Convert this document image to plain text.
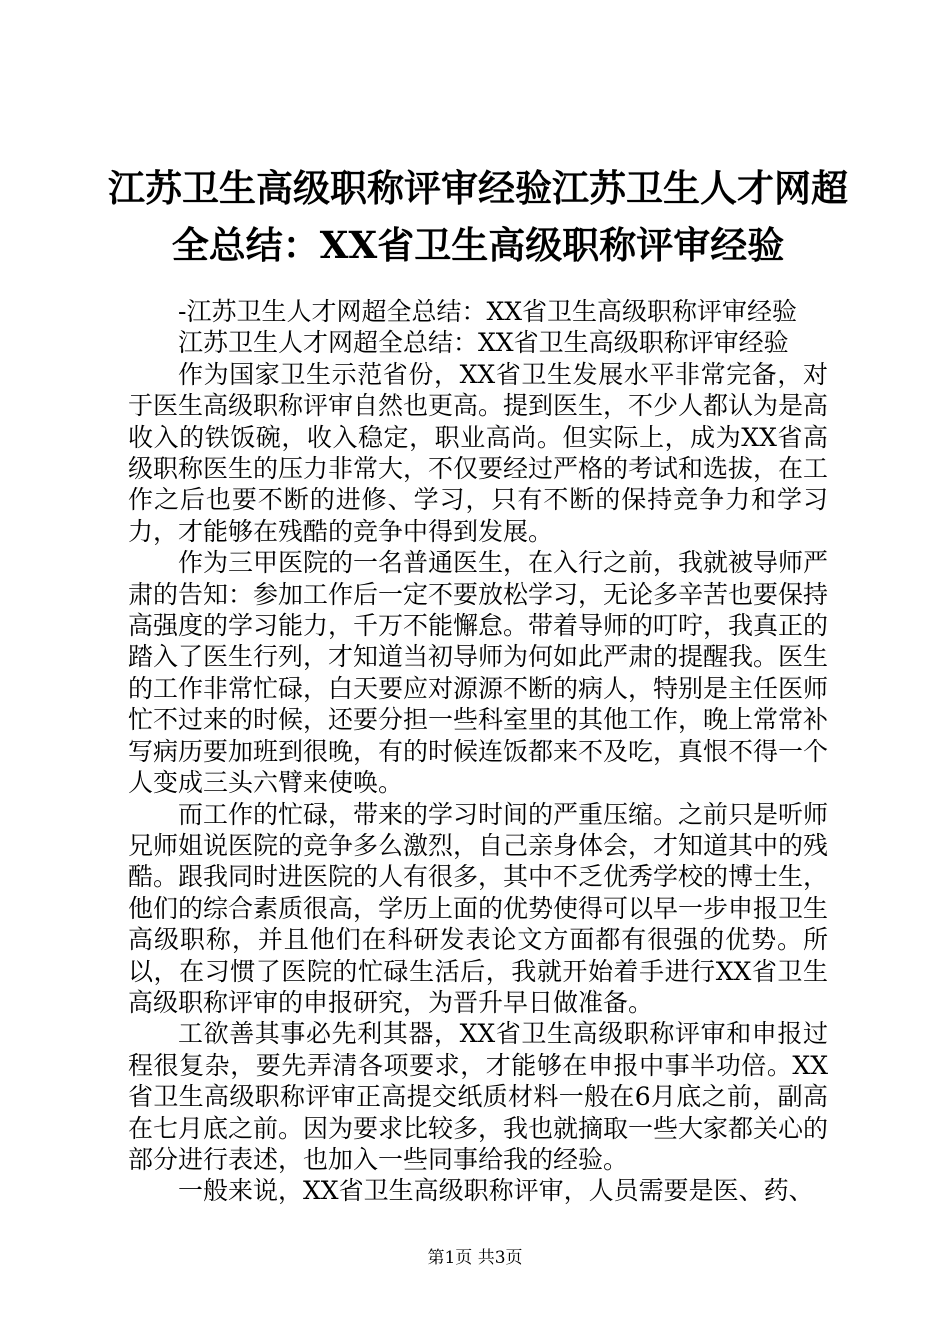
江苏卫生高级职称评审经验江苏卫生人才网超
全总结：XX省卫生高级职称评审经验

-江苏卫生人才网超全总结：XX省卫生高级职称评审经验

江苏卫生人才网超全总结：XX省卫生高级职称评审经验

作为国家卫生示范省份，XX省卫生发展水平非常完备，对于医生高级职称评审自然也更高。提到医生，不少人都认为是高收入的铁饭碗，收入稳定，职业高尚。但实际上，成为XX省高级职称医生的压力非常大，不仅要经过严格的考试和选拔，在工作之后也要不断的进修、学习，只有不断的保持竞争力和学习力，才能够在残酷的竞争中得到发展。

作为三甲医院的一名普通医生，在入行之前，我就被导师严肃的告知：参加工作后一定不要放松学习，无论多辛苦也要保持高强度的学习能力，千万不能懈怠。带着导师的叮咛，我真正的踏入了医生行列，才知道当初导师为何如此严肃的提醒我。医生的工作非常忙碌，白天要应对源源不断的病人，特别是主任医师忙不过来的时候，还要分担一些科室里的其他工作，晚上常常补写病历要加班到很晚，有的时候连饭都来不及吃，真恨不得一个人变成三头六臂来使唤。

而工作的忙碌，带来的学习时间的严重压缩。之前只是听师兄师姐说医院的竞争多么激烈，自己亲身体会，才知道其中的残酷。跟我同时进医院的人有很多，其中不乏优秀学校的博士生，他们的综合素质很高，学历上面的优势使得可以早一步申报卫生高级职称，并且他们在科研发表论文方面都有很强的优势。所以，在习惯了医院的忙碌生活后，我就开始着手进行XX省卫生高级职称评审的申报研究，为晋升早日做准备。

工欲善其事必先利其器，XX省卫生高级职称评审和申报过程很复杂，要先弄清各项要求，才能够在申报中事半功倍。XX省卫生高级职称评审正高提交纸质材料一般在6月底之前，副高在七月底之前。因为要求比较多，我也就摘取一些大家都关心的部分进行表述，也加入一些同事给我的经验。

一般来说，XX省卫生高级职称评审，人员需要是医、药、

第1页 共3页
